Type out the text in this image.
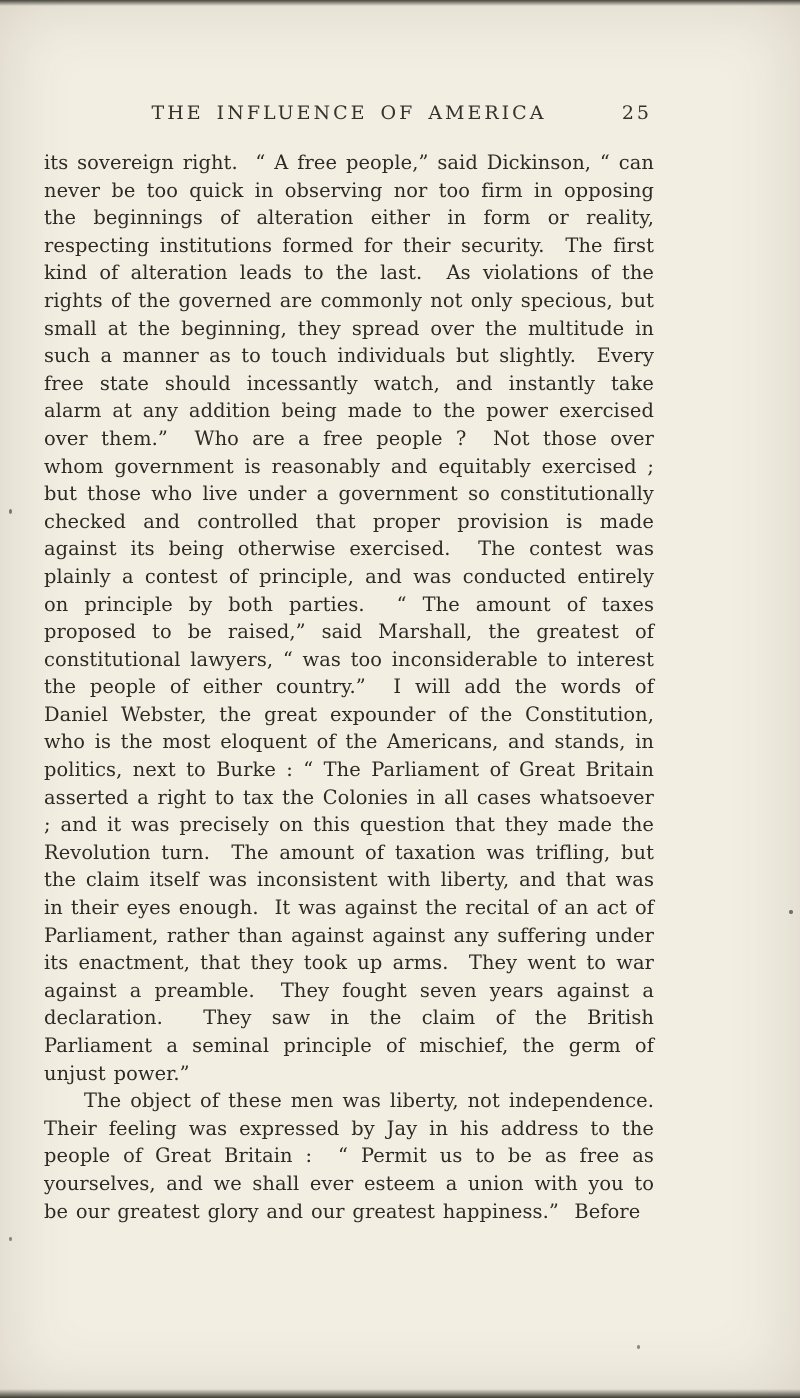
THE INFLUENCE OF AMERICA	25

its sovereign right.  “ A free people,” said Dickinson, “ can never be too quick in observing nor too firm in opposing the beginnings of alteration either in form or reality, respecting institutions formed for their security.  The first kind of alteration leads to the last.  As violations of the rights of the governed are commonly not only specious, but small at the beginning, they spread over the multitude in such a manner as to touch individuals but slightly.  Every free state should incessantly watch, and instantly take alarm at any addition being made to the power exercised over them.”  Who are a free people ?  Not those over whom government is reasonably and equitably exercised ; but those who live under a government so constitutionally checked and controlled that proper provision is made against its being otherwise exercised.  The contest was plainly a contest of principle, and was conducted entirely on principle by both parties.  “ The amount of taxes proposed to be raised,” said Marshall, the greatest of constitutional lawyers, “ was too inconsiderable to interest the people of either country.”  I will add the words of Daniel Webster, the great expounder of the Constitution, who is the most eloquent of the Americans, and stands, in politics, next to Burke : “ The Parliament of Great Britain asserted a right to tax the Colonies in all cases whatsoever ; and it was precisely on this question that they made the Revolution turn.  The amount of taxation was trifling, but the claim itself was inconsistent with liberty, and that was in their eyes enough.  It was against the recital of an act of Parliament, rather than against against any suffering under its enactment, that they took up arms.  They went to war against a preamble.  They fought seven years against a declaration.  They saw in the claim of the British Parliament a seminal principle of mischief, the germ of unjust power.”

The object of these men was liberty, not independence.  Their feeling was expressed by Jay in his address to the people of Great Britain :  “ Permit us to be as free as yourselves, and we shall ever esteem a union with you to be our greatest glory and our greatest happiness.”  Before
